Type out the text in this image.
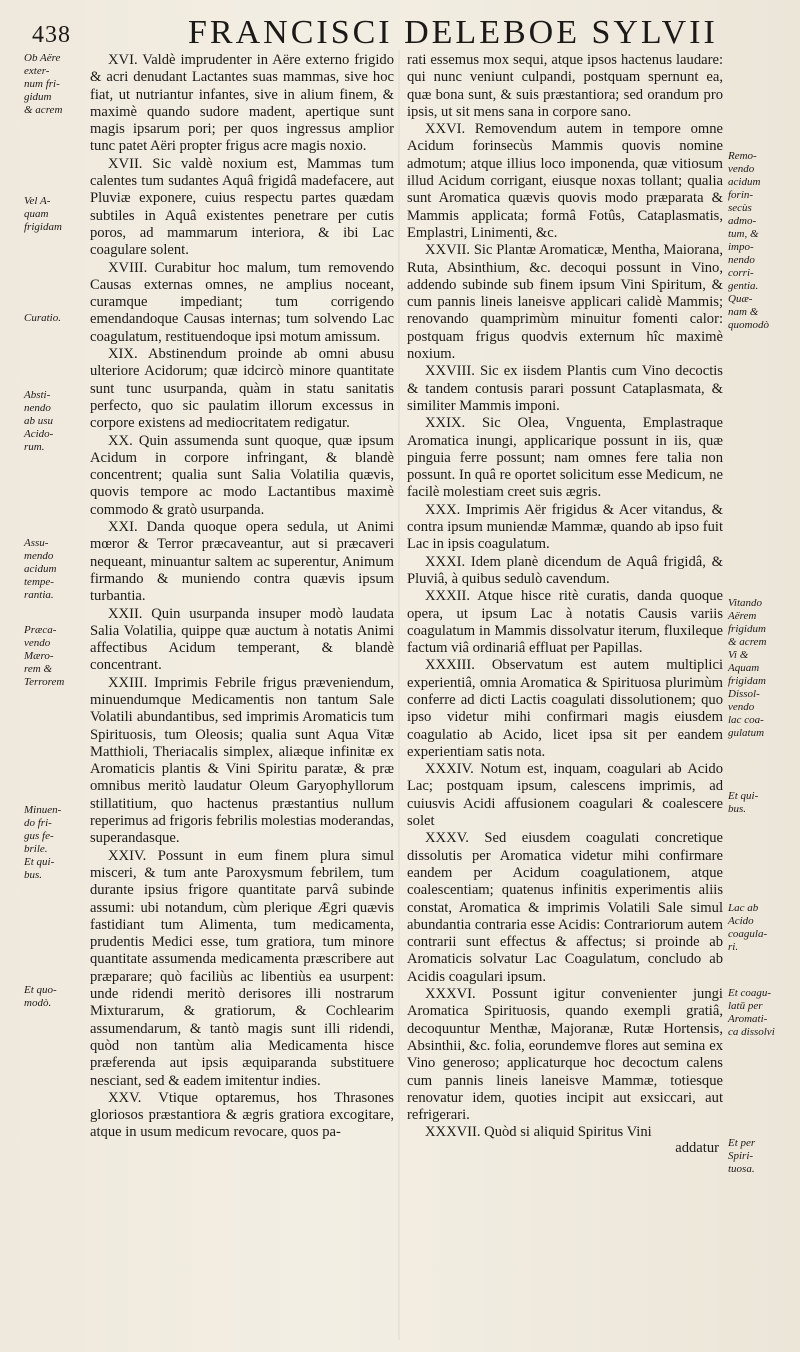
438	FRANCISCI DELEBOE SYLVII
Ob Aëre
exter-
num fri-
gidum
& acrem
Vel A-
quam
frigidam
Curatio.
Absti-
nendo
ab usu
Acido-
rum.
Assu-
mendo
acidum
tempe-
rantia.
Præca-
vendo
Mæro-
rem &
Terrorem
Minuen-
do fri-
gus fe-
brile.
Et qui-
bus.
Et quo-
modò.

XVI. Valdè imprudenter in Aëre externo frigido & acri denudant Lactantes suas mammas, sive hoc fiat, ut nutriantur infantes, sive in alium finem, & maximè quando sudore madent, apertique sunt magis ipsarum pori; per quos ingressus amplior tunc patet Aëri propter frigus acre magis noxio.

XVII. Sic valdè noxium est, Mammas tum calentes tum sudantes Aquâ frigidâ madefacere, aut Pluviæ exponere, cuius respectu partes quædam subtiles in Aquâ existentes penetrare per cutis poros, ad mammarum interiora, & ibi Lac coagulare solent.

XVIII. Curabitur hoc malum, tum removendo Causas externas omnes, ne amplius noceant, curamque impediant; tum corrigendo emendandoque Causas internas; tum solvendo Lac coagulatum, restituendoque ipsi motum amissum.

XIX. Abstinendum proinde ab omni abusu ulteriore Acidorum; quæ idcircò minore quantitate sunt tunc usurpanda, quàm in statu sanitatis perfecto, quo sic paulatim illorum excessus in corpore existens ad mediocritatem redigatur.

XX. Quin assumenda sunt quoque, quæ ipsum Acidum in corpore infringant, & blandè concentrent; qualia sunt Salia Volatilia quævis, quovis tempore ac modo Lactantibus maximè commodo & gratò usurpanda.

XXI. Danda quoque opera sedula, ut Animi mœror & Terror præcaveantur, aut si præcaveri nequeant, minuantur saltem ac superentur, Animum firmando & muniendo contra quævis ipsum turbantia.

XXII. Quin usurpanda insuper modò laudata Salia Volatilia, quippe quæ auctum à notatis Animi affectibus Acidum temperant, & blandè concentrant.

XXIII. Imprimis Febrile frigus præveniendum, minuendumque Medicamentis non tantum Sale Volatili abundantibus, sed imprimis Aromaticis tum Spirituosis, tum Oleosis; qualia sunt Aqua Vitæ Matthioli, Theriacalis simplex, aliæque infinitæ ex Aromaticis plantis & Vini Spiritu paratæ, & præ omnibus meritò laudatur Oleum Garyophyllorum stillatitium, quo hactenus præstantius nullum reperimus ad frigoris febrilis molestias moderandas, superandasque.

XXIV. Possunt in eum finem plura simul misceri, & tum ante Paroxysmum febrilem, tum durante ipsius frigore quantitate parvâ subinde assumi: ubi notandum, cùm plerique Ægri quævis fastidiant tum Alimenta, tum medicamenta, prudentis Medici esse, tum gratiora, tum minore quantitate assumenda medicamenta præscribere aut præparare; quò faciliùs ac libentiùs ea usurpent: unde ridendi meritò derisores illi nostrarum Mixturarum, & gratiorum, & Cochlearim assumendarum, & tantò magis sunt illi ridendi, quòd non tantùm alia Medicamenta hisce præferenda aut ipsis æquiparanda substituere nesciant, sed & eadem imitentur indies.

XXV. Vtique optaremus, hos Thrasones gloriosos præstantiora & ægris gratiora excogitare, atque in usum medicum revocare, quos pa-

rati essemus mox sequi, atque ipsos hactenus laudare: qui nunc veniunt culpandi, postquam spernunt ea, quæ bona sunt, & suis præstantiora; sed orandum pro ipsis, ut sit mens sana in corpore sano.

XXVI. Removendum autem in tempore omne Acidum forinsecùs Mammis quovis nomine admotum; atque illius loco imponenda, quæ vitiosum illud Acidum corrigant, eiusque noxas tollant; qualia sunt Aromatica quævis quovis modo præparata & Mammis applicata; formâ Fotûs, Cataplasmatis, Emplastri, Linimenti, &c.

XXVII. Sic Plantæ Aromaticæ, Mentha, Maiorana, Ruta, Absinthium, &c. decoqui possunt in Vino, addendo subinde sub finem ipsum Vini Spiritum, & cum pannis lineis laneisve applicari calidè Mammis; renovando quamprimùm minuitur fomenti calor: postquam frigus quodvis externum hîc maximè noxium.

XXVIII. Sic ex iisdem Plantis cum Vino decoctis & tandem contusis parari possunt Cataplasmata, & similiter Mammis imponi.

XXIX. Sic Olea, Vnguenta, Emplastraque Aromatica inungi, applicarique possunt in iis, quæ pinguia ferre possunt; nam omnes fere talia non possunt. In quâ re oportet solicitum esse Medicum, ne facilè molestiam creet suis ægris.

XXX. Imprimis Aër frigidus & Acer vitandus, & contra ipsum muniendæ Mammæ, quando ab ipso fuit Lac in ipsis coagulatum.

XXXI. Idem planè dicendum de Aquâ frigidâ, & Pluviâ, à quibus sedulò cavendum.

XXXII. Atque hisce ritè curatis, danda quoque opera, ut ipsum Lac à notatis Causis variis coagulatum in Mammis dissolvatur iterum, fluxileque factum viâ ordinariâ effluat per Papillas.

XXXIII. Observatum est autem multiplici experientiâ, omnia Aromatica & Spirituosa plurimùm conferre ad dicti Lactis coagulati dissolutionem; quo ipso videtur mihi confirmari magis eiusdem coagulatio ab Acido, licet ipsa sit per eandem experientiam satis nota.

XXXIV. Notum est, inquam, coagulari ab Acido Lac; postquam ipsum, calescens imprimis, ad cuiusvis Acidi affusionem coagulari & coalescere solet

XXXV. Sed eiusdem coagulati concretique dissolutis per Aromatica videtur mihi confirmare eandem per Acidum coagulationem, atque coalescentiam; quatenus infinitis experimentis aliis constat, Aromatica & imprimis Volatili Sale simul abundantia contraria esse Acidis: Contrariorum autem contrarii sunt effectus & affectus; si proinde ab Aromaticis solvatur Lac Coagulatum, concludo ab Acidis coagulari ipsum.

XXXVI. Possunt igitur convenienter jungi Aromatica Spirituosis, quando exempli gratiâ, decoquuntur Menthæ, Majoranæ, Rutæ Hortensis, Absinthii, &c. folia, eorundemve flores aut semina ex Vino generoso; applicaturque hoc decoctum calens cum pannis lineis laneisve Mammæ, totiesque renovatur idem, quoties incipit aut exsiccari, aut refrigerari.

XXXVII. Quòd si aliquid Spiritus Vini

addatur
Remo-
vendo
acidum
forin-
secùs
admo-
tum, &
impo-
nendo
corri-
gentia.
Quæ-
nam &
quomodò
Vitando
Aërem
frigidum
& acrem
Vi &
Aquam
frigidam
Dissol-
vendo
lac coa-
gulatum
Et qui-
bus.
Lac ab
Acido
coagula-
ri.
Et coagu-
latū per
Aromati-
ca dissolvi
Et per
Spiri-
tuosa.
